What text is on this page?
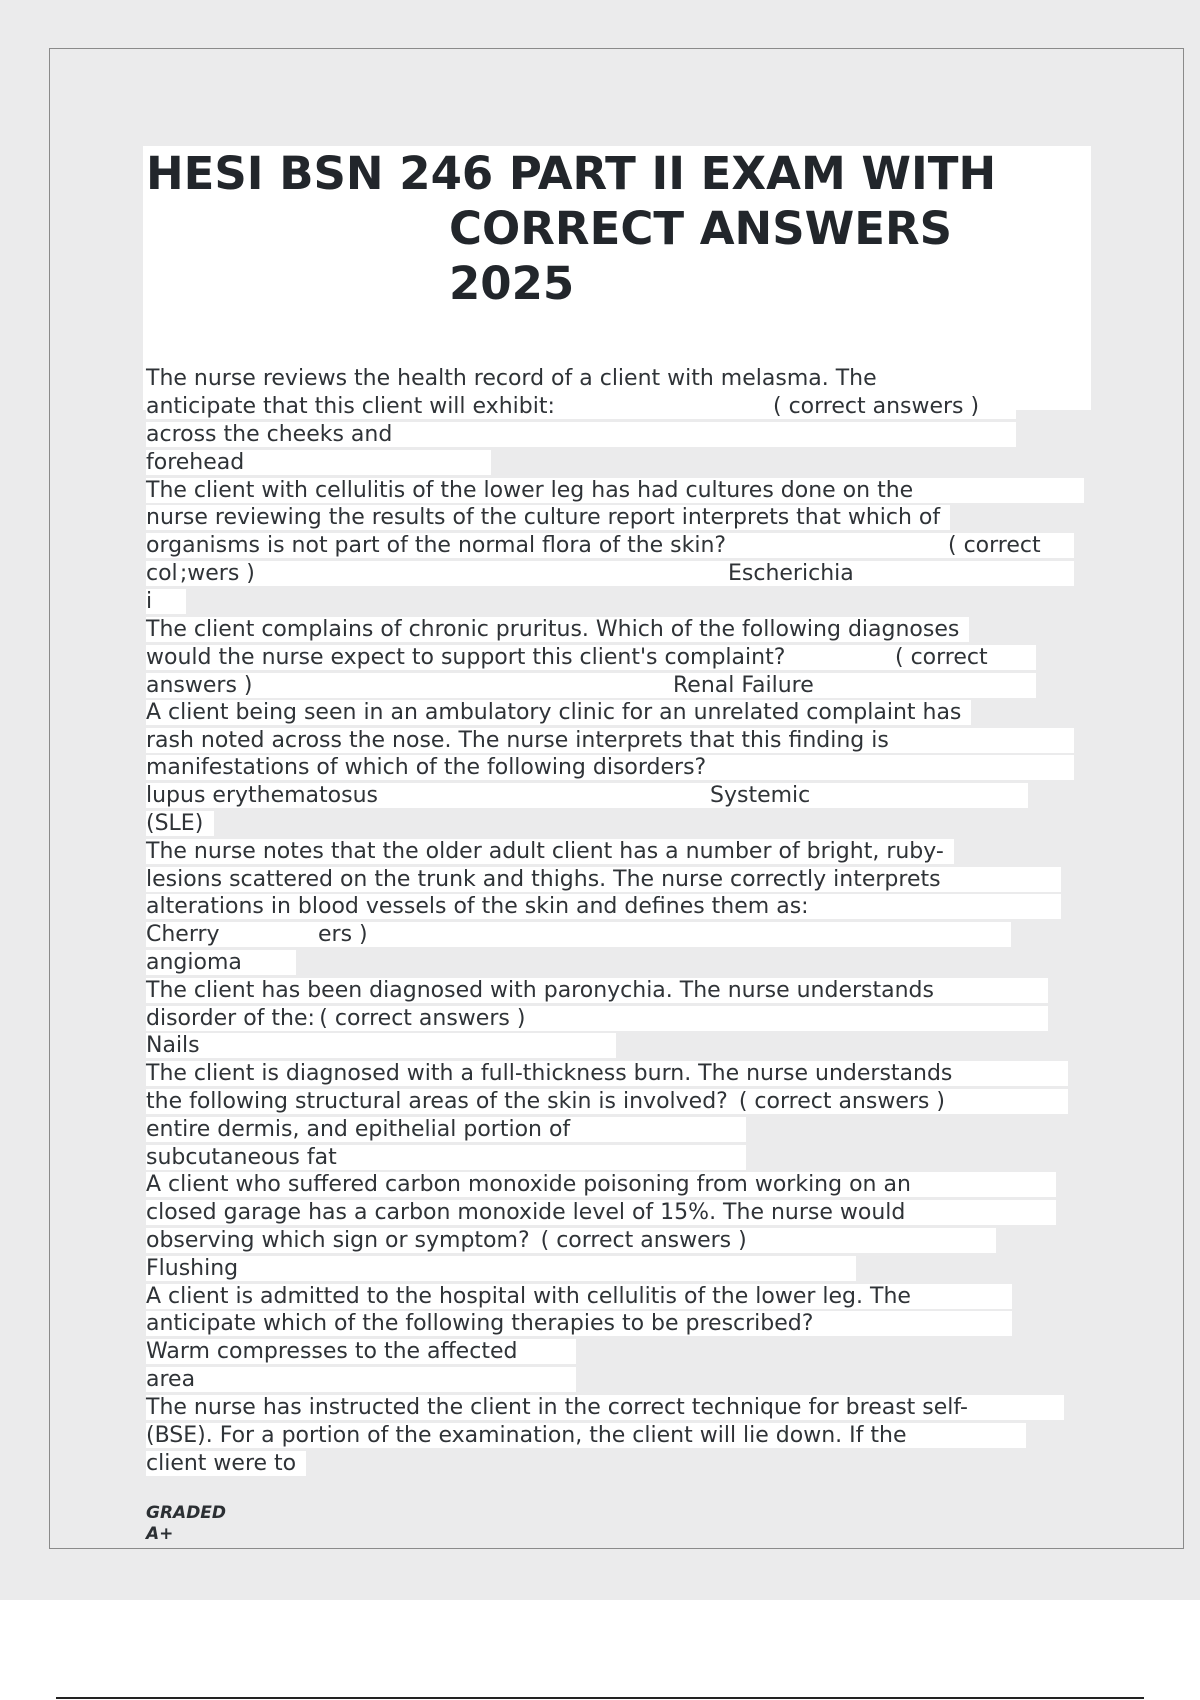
HESI BSN 246 PART II EXAM WITH
CORRECT ANSWERS
2025
The nurse reviews the health record of a client with melasma. The
anticipate that this client will exhibit:
across the cheeks and
forehead
The client with cellulitis of the lower leg has had cultures done on the
nurse reviewing the results of the culture report interprets that which of
organisms is not part of the normal flora of the skin?
col ;wers )
i
The client complains of chronic pruritus. Which of the following diagnoses
would the nurse expect to support this client's complaint?
answers )
A client being seen in an ambulatory clinic for an unrelated complaint has
rash noted across the nose. The nurse interprets that this finding is
manifestations of which of the following disorders?
lupus erythematosus
(SLE)
The nurse notes that the older adult client has a number of bright, ruby-
lesions scattered on the trunk and thighs. The nurse correctly interprets
alterations in blood vessels of the skin and defines them as:
Cherry
angioma
The client has been diagnosed with paronychia. The nurse understands
disorder of the: ( correct answers )
Nails
The client is diagnosed with a full-thickness burn. The nurse understands
the following structural areas of the skin is involved? ( correct answers )
entire dermis, and epithelial portion of
subcutaneous fat
A client who suffered carbon monoxide poisoning from working on an
closed garage has a carbon monoxide level of 15%. The nurse would
observing which sign or symptom? ( correct answers )
Flushing
A client is admitted to the hospital with cellulitis of the lower leg. The
anticipate which of the following therapies to be prescribed?
Warm compresses to the affected
area
The nurse has instructed the client in the correct technique for breast self-
(BSE). For a portion of the examination, the client will lie down. If the
client were to
( correct answers )
( correct
Escherichia
( correct
Renal Failure
Systemic
ers )
GRADED
A+
